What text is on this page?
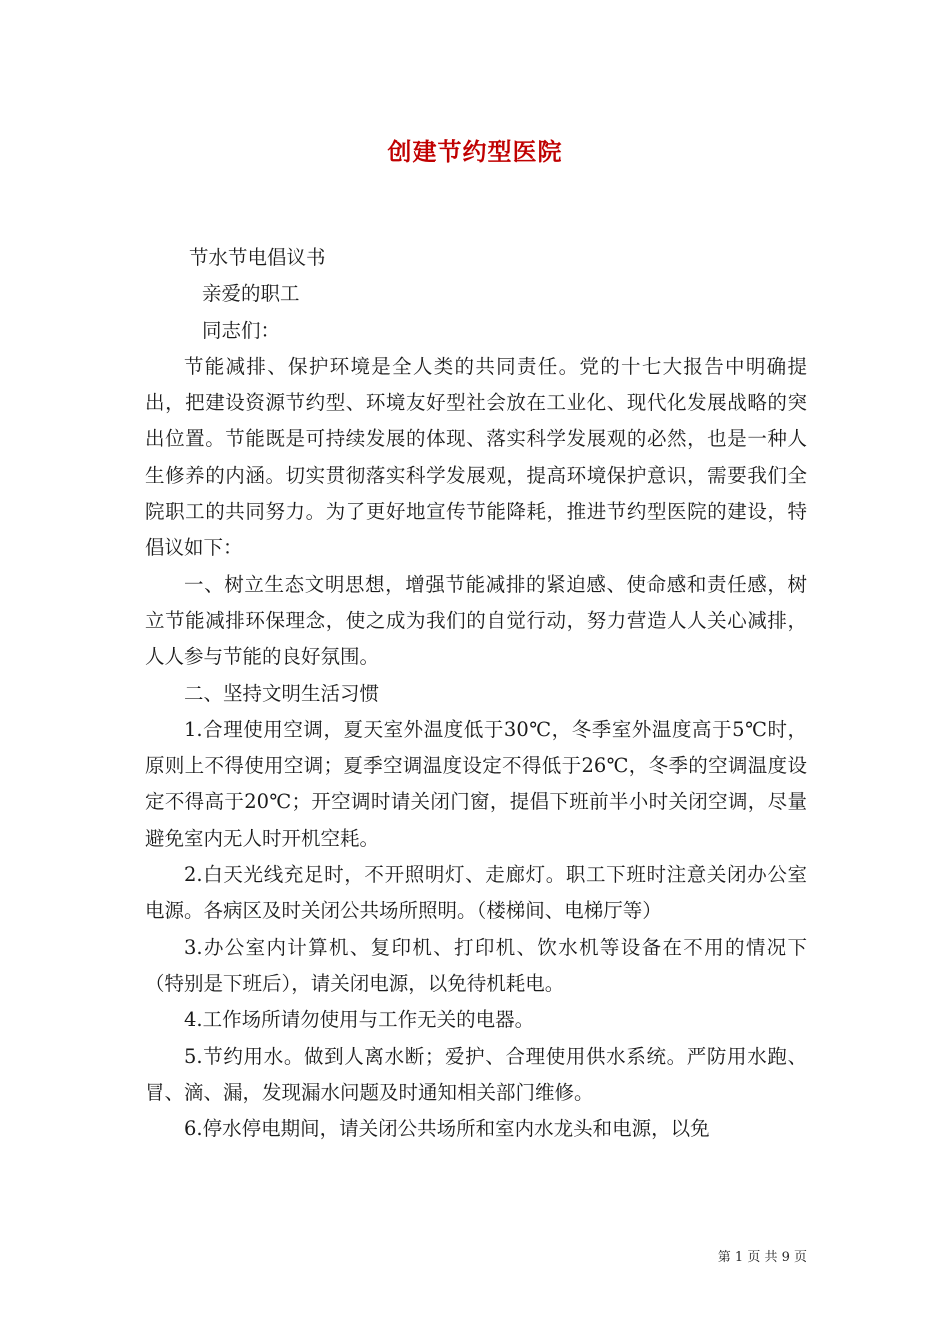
创建节约型医院

节水节电倡议书

亲爱的职工

同志们：

节能减排、保护环境是全人类的共同责任。党的十七大报告中明确提出，把建设资源节约型、环境友好型社会放在工业化、现代化发展战略的突出位置。节能既是可持续发展的体现、落实科学发展观的必然，也是一种人生修养的内涵。切实贯彻落实科学发展观，提高环境保护意识，需要我们全院职工的共同努力。为了更好地宣传节能降耗，推进节约型医院的建设，特倡议如下：

一、树立生态文明思想，增强节能减排的紧迫感、使命感和责任感，树立节能减排环保理念，使之成为我们的自觉行动，努力营造人人关心减排，人人参与节能的良好氛围。

二、坚持文明生活习惯

1.合理使用空调，夏天室外温度低于30℃，冬季室外温度高于5℃时，原则上不得使用空调；夏季空调温度设定不得低于26℃，冬季的空调温度设定不得高于20℃；开空调时请关闭门窗，提倡下班前半小时关闭空调，尽量避免室内无人时开机空耗。

2.白天光线充足时，不开照明灯、走廊灯。职工下班时注意关闭办公室电源。各病区及时关闭公共场所照明。（楼梯间、电梯厅等）

3.办公室内计算机、复印机、打印机、饮水机等设备在不用的情况下（特别是下班后），请关闭电源，以免待机耗电。

4.工作场所请勿使用与工作无关的电器。

5.节约用水。做到人离水断；爱护、合理使用供水系统。严防用水跑、冒、滴、漏，发现漏水问题及时通知相关部门维修。

6.停水停电期间，请关闭公共场所和室内水龙头和电源，以免

第 1 页 共 9 页
